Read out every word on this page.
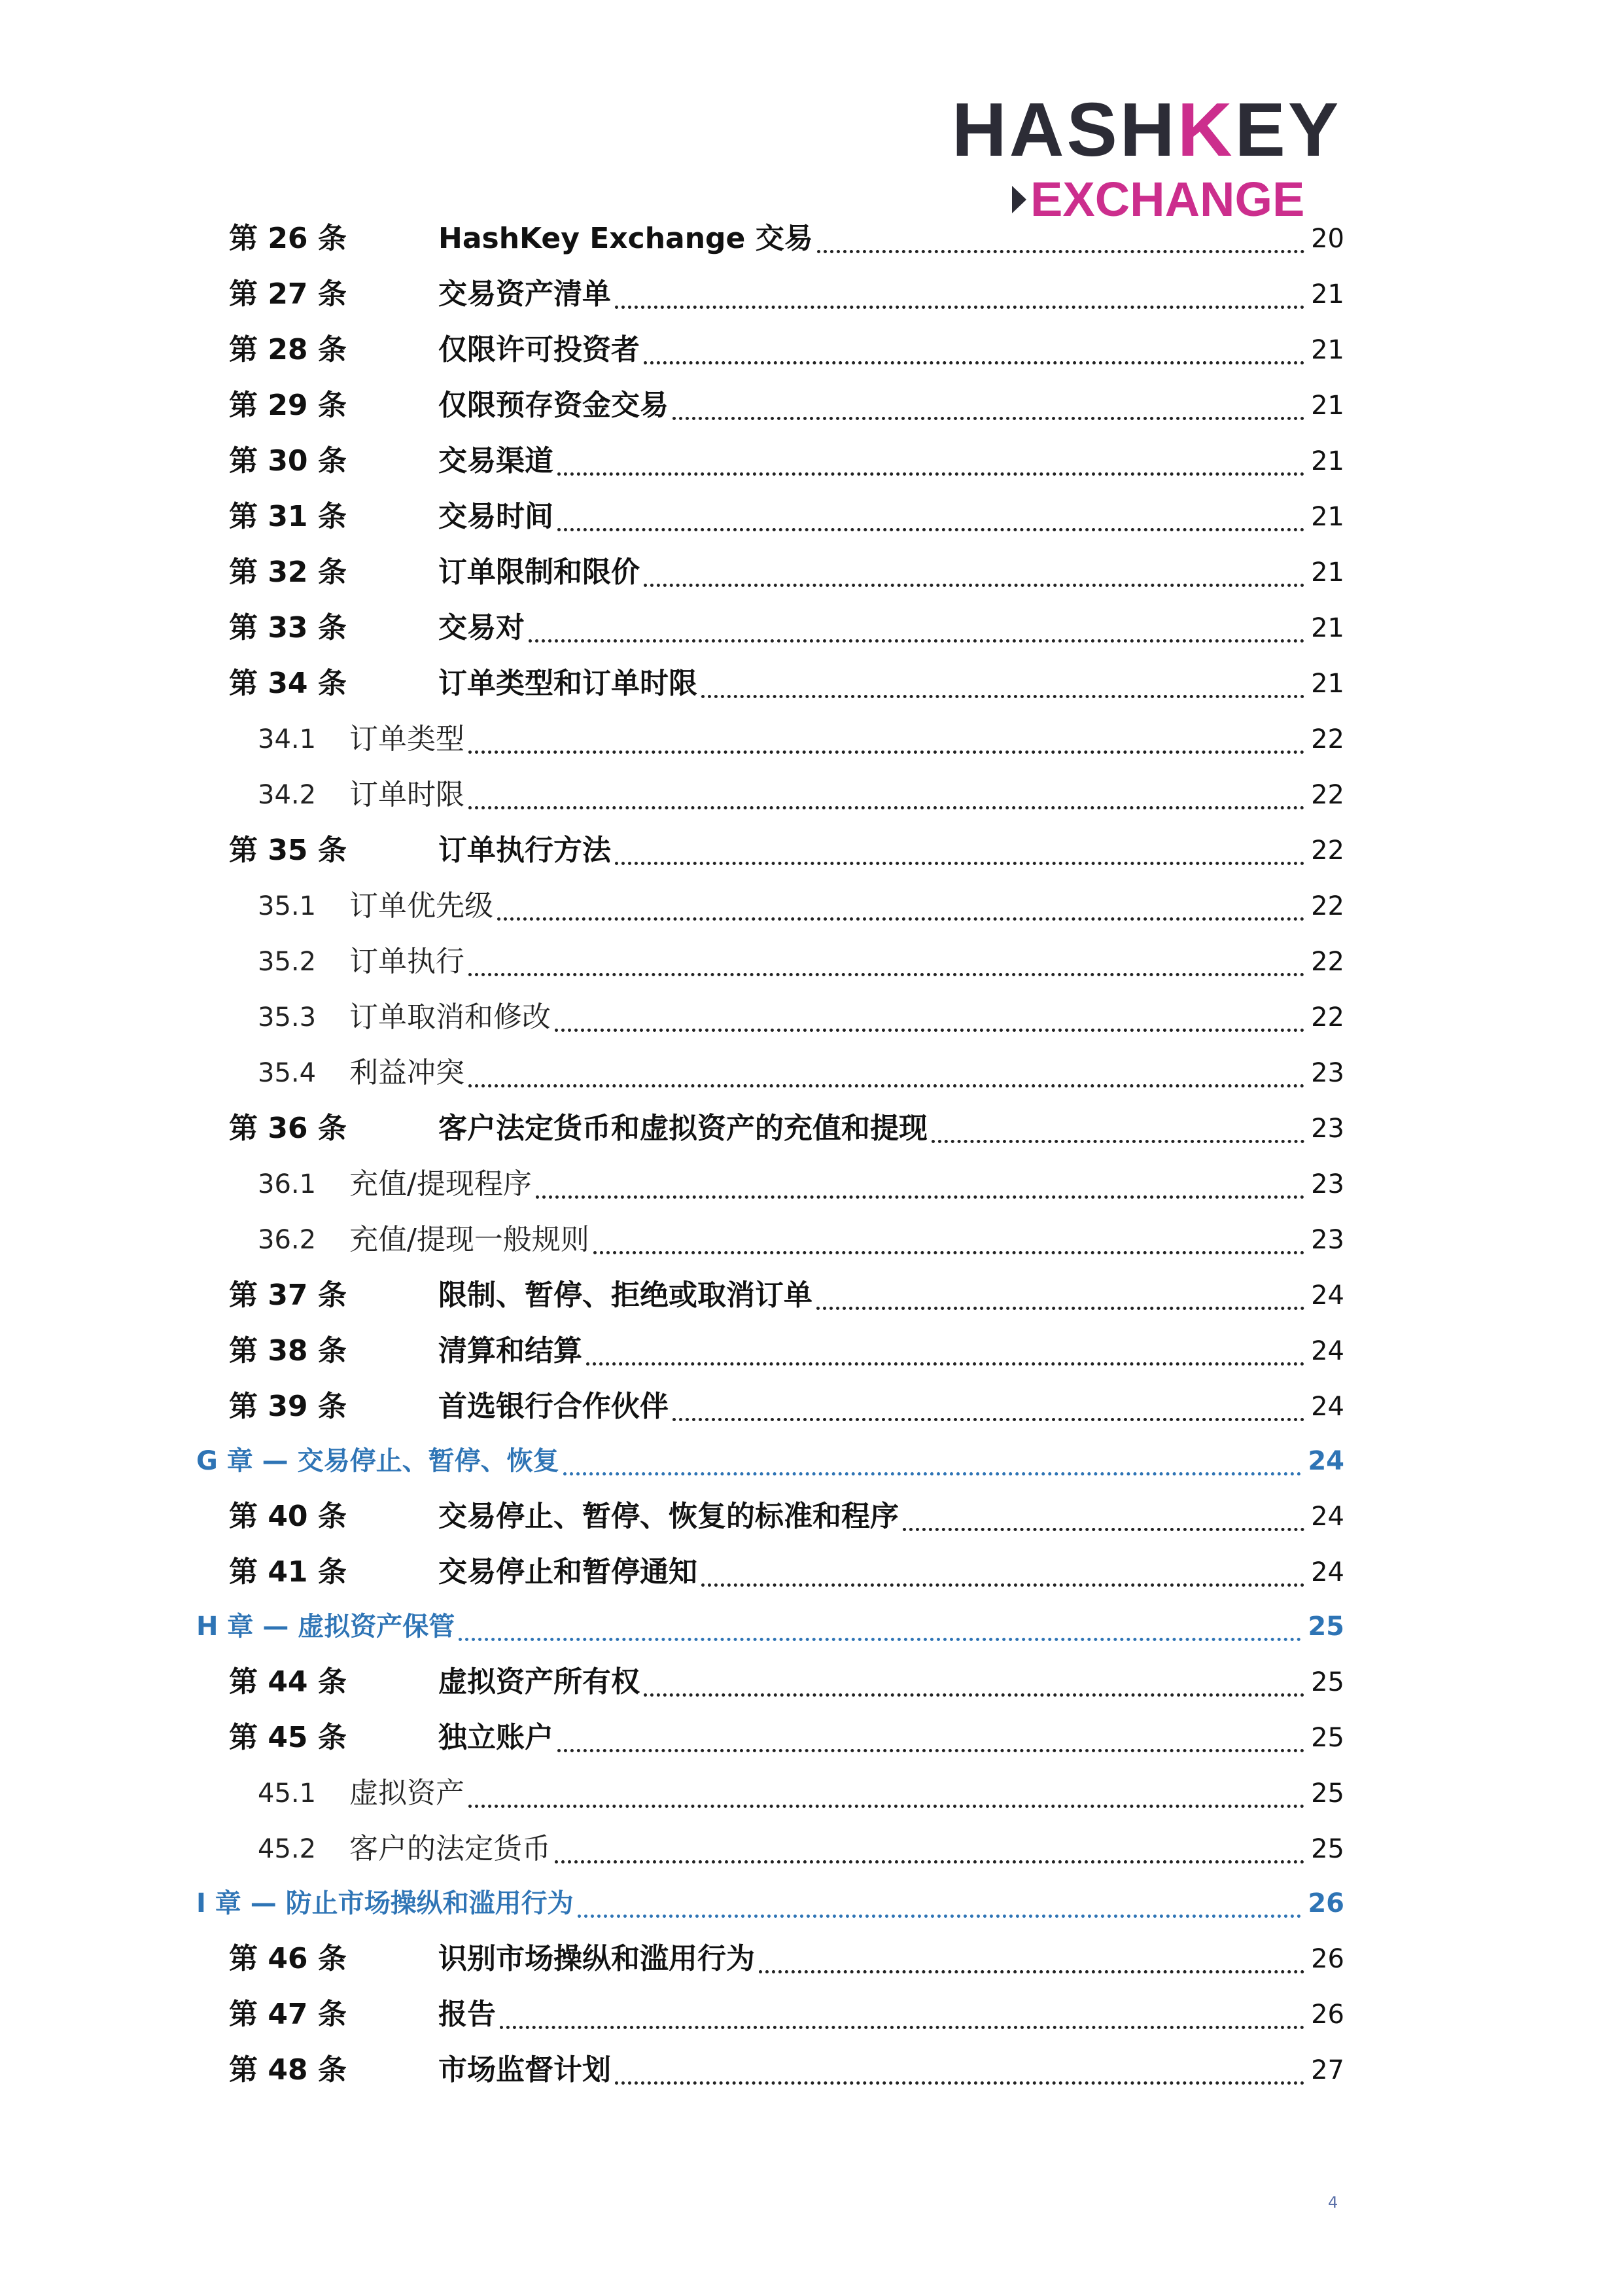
HASHKEY
EXCHANGE
第 26 条	HashKey Exchange 交易	20
第 27 条	交易资产清单	21
第 28 条	仅限许可投资者	21
第 29 条	仅限预存资金交易	21
第 30 条	交易渠道	21
第 31 条	交易时间	21
第 32 条	订单限制和限价	21
第 33 条	交易对	21
第 34 条	订单类型和订单时限	21
34.1 订单类型	22
34.2 订单时限	22
第 35 条	订单执行方法	22
35.1 订单优先级	22
35.2 订单执行	22
35.3 订单取消和修改	22
35.4 利益冲突	23
第 36 条	客户法定货币和虚拟资产的充值和提现	23
36.1 充值/提现程序	23
36.2 充值/提现一般规则	23
第 37 条	限制、暂停、拒绝或取消订单	24
第 38 条	清算和结算	24
第 39 条	首选银行合作伙伴	24
G 章 — 交易停止、暂停、恢复	24
第 40 条	交易停止、暂停、恢复的标准和程序	24
第 41 条	交易停止和暂停通知	24
H 章 — 虚拟资产保管	25
第 44 条	虚拟资产所有权	25
第 45 条	独立账户	25
45.1 虚拟资产	25
45.2 客户的法定货币	25
I 章 — 防止市场操纵和滥用行为	26
第 46 条	识别市场操纵和滥用行为	26
第 47 条	报告	26
第 48 条	市场监督计划	27
4
